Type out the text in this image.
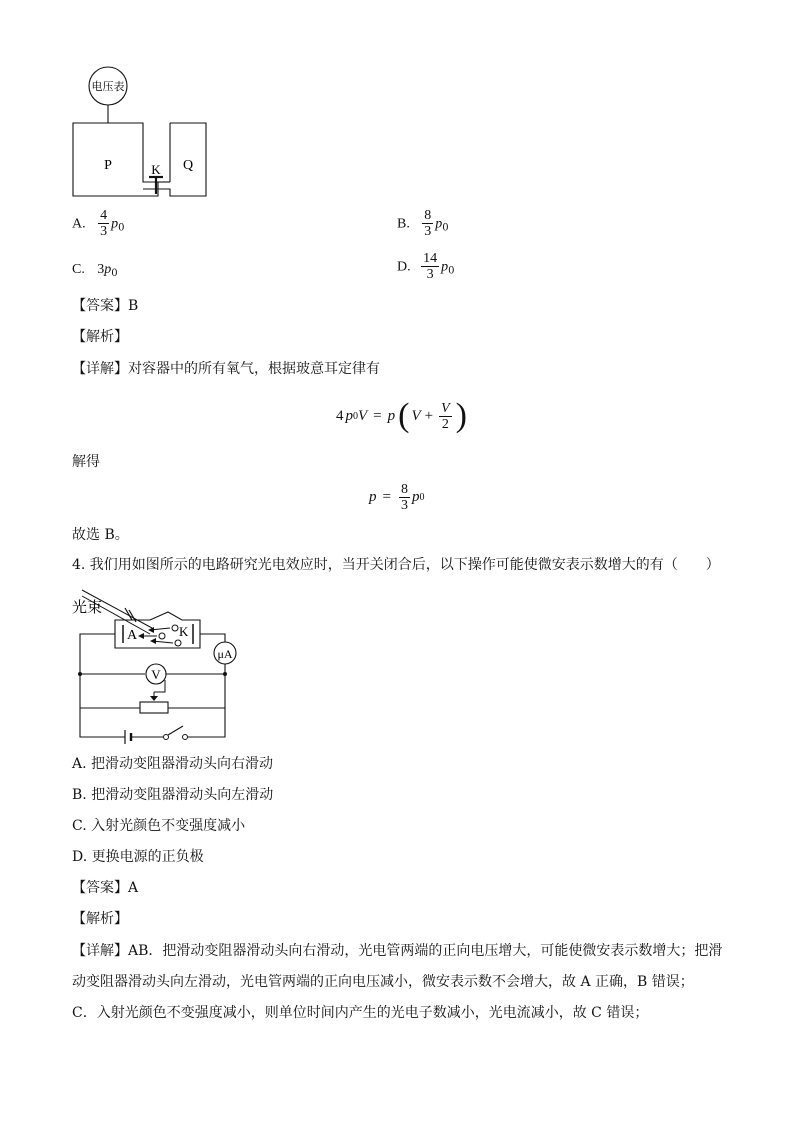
电压表
P	Q
K
A. $\frac{4}{3} p_0$	B. $\frac{8}{3} p_0$
C. $3p_0$	D. $\frac{14}{3} p_0$
【答案】B
【解析】
【详解】对容器中的所有氧气，根据玻意耳定律有
4 p 0 V = p ( $V + \frac{V}{2}$ )
解得
$p = \frac{8}{3}$ p 0
故选 B。
4. 我们用如图所示的电路研究光电效应时，当开关闭合后，以下操作可能使微安表示数增大的有（　　）
光束
A	K
μA
V
A. 把滑动变阻器滑动头向右滑动
B. 把滑动变阻器滑动头向左滑动
C. 入射光颜色不变强度减小
D. 更换电源的正负极
【答案】A
【解析】
【详解】AB．把滑动变阻器滑动头向右滑动，光电管两端的正向电压增大，可能使微安表示数增大；把滑
动变阻器滑动头向左滑动，光电管两端的正向电压减小，微安表示数不会增大，故 A 正确，B 错误；
C．入射光颜色不变强度减小，则单位时间内产生的光电子数减小，光电流减小，故 C 错误；
